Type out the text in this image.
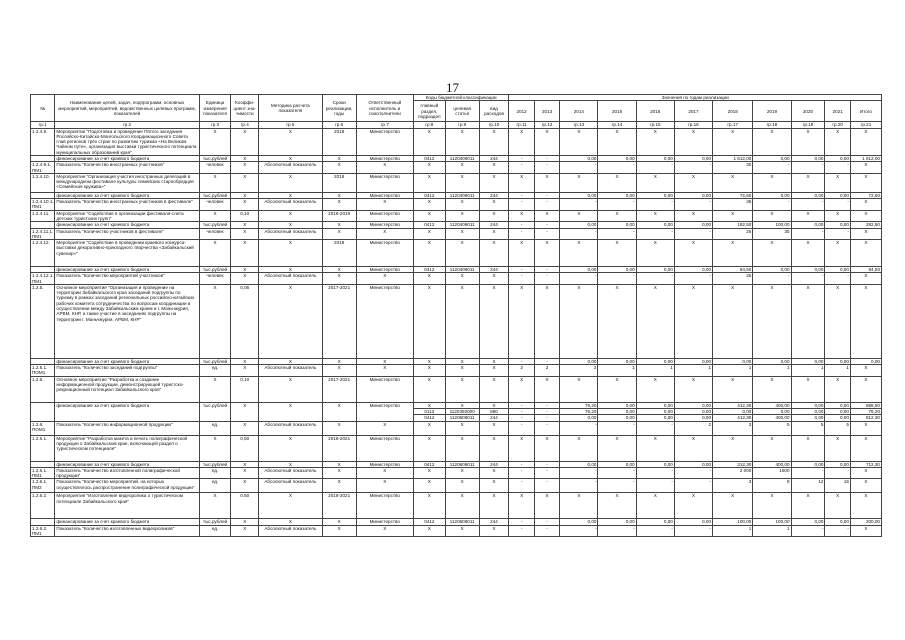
17
№	Наименование целей, задач, подпрограмм, основных мероприятий, мероприятий, ведомственных целевых программ, показателей	Единица измерения показателя	Коэффи-циент зна-чимости	Методика расчета показателя	Сроки реализации, годы	Ответственный исполнитель и соисполнители	Коды бюджетной классификации			Значения по годам реализации										
							главный раздел, подраздел	целевая статья	вид расходов	2012	2013	2014	2015	2016	2017	2018	2019	2020	2021	Итого
гр.1	гр.2	гр.3	гр.4	гр.5	гр.6	гр.7	гр.8	гр.9	гр.10	гр.11	гр.12	гр.13	гр.14	гр.15	гр.16	гр.17	гр.18	гр.19	гр.20	гр.21
1.2.4.9.	Мероприятие "Подготовка и проведение Пятого заседания Российско-Китайско-Монгольского Координационного Совета глав регионов трёх стран по развитию туризма «На Великом Чайном пути», организация выставки туристического потенциала муниципальных образований края"	X	X	X	2018	Министерство	X	X	X	X	X	X	X	X	X	X	X	X	X	X
	финансирование за счет краевого бюджета	тыс.рублей	X	X	X	Министерство	0412	1120409011	244	-	-	0,00	0,00	0,00	0,00	1 612,00	0,00	0,00	0,00	1 612,00
1.2.4.9.1. ПМ1	Показатель "Количество иностранных участников"	человек	X	Абсолютный показатель	X	X	X	X	X	-	-	-	-	-	-	30	-	-	-	X
1.2.4.10.	Мероприятие "Организация участия иностранных делегаций в международном фестивале культуры семейских старообрядцев «Семейская кружава»"	X	X	X	2018	Министерство	X	X	X	X	X	X	X	X	X	X	X	X	X	X
	финансирование за счет краевого бюджета	тыс.рублей	X	X	X	Министерство	0412	1120409011	244	-	-	0,00	0,00	0,00	0,00	72,60	0,00	0,00	0,00	72,60
1.2.4.10.1. ПМ1	Показатель "Количество иностранных участников в фестивале"	человек	X	Абсолютный показатель	X	X	X	X	X	-	-	-	-	-	-	36	-	-	-	X
1.2.4.11.	Мероприятие "Содействие в организации фестиваля-слета детских туристских групп"	X	0,10	X	2018-2019	Министерство	X	X	X	X	X	X	X	X	X	X	X	X	X	X
	финансирование за счет краевого бюджета	тыс.рублей	X	X	X	Министерство	0412	1120409011	244	-	-	0,00	0,00	0,00	0,00	182,50	100,00	0,00	0,00	282,50
1.2.4.11.1. ПМ1	Показатель "Количество участников в фестивале"	человек	X	Абсолютный показатель	X	X	X	X	X	-	-	-	-	-	-	25	35	-	-	X
1.2.4.12.	Мероприятие "Содействие в проведении краевого конкурса-выставки декоративно-прикладного творчества «Забайкальский сувенир»"	X	X	X	2018	Министерство	X	X	X	X	X	X	X	X	X	X	X	X	X	X
	финансирование за счет краевого бюджета	тыс.рублей	X	X	X	Министерство	0412	1120409011	244	-	-	0,00	0,00	0,00	0,00	84,50	0,00	0,00	0,00	84,50
1.2.4.12.1. ПМ1	Показатель "Количество мероприятий участников"	человек	X	Абсолютный показатель	X	X	X	X	X	-	-	-	-	-	-	25	-	-	-	X
1.2.5.	Основное мероприятие "Организация и проведение на территории Забайкальского края заседаний подгруппы по туризму в рамках заседаний региональных российско-китайских рабочих комитета сотрудничества по вопросам координации в осуществлении между Забайкальским краем и г. Маньчжурия, АРВМ, КНР, а также участие в заседаниях подгруппы на территории г. Маньчжурия, АРВМ, КНР"	X	0,05	X	2017-2021	Министерство	X	X	X	X	X	X	X	X	X	X	X	X	X	X
	финансирование за счет краевого бюджета	тыс.рублей	X	X	X	X	X	X	X	-	-	0,00	0,00	0,00	0,00	0,00	0,00	0,00	0,00	0,00
1.2.5.1. ПОМ1	Показатель "Количество заседаний подгруппы"	ед.	X	Абсолютный показатель	X	X	X	X	X	2	2	2	1	1	1	1	1	1	1	X
1.2.6.	Основное мероприятие "Разработка и создание информационной продукции, демонстрирующей туристско-рекреационный потенциал Забайкальского края"	X	0,10	X	2017-2021	Министерство	X	X	X	X	X	X	X	X	X	X	X	X	X	X
	финансирование за счет краевого бюджета	тыс.рублей	X	X	X	Министерство	X	X	X	-	-	76,20	0,00	0,00	0,00	412,30	400,00	0,00	0,00	888,50
							0113	1120392000	880	-	-	76,20	0,00	0,00	0,00	0,00	0,00	0,00	0,00	76,20
							0412	1120609011	244	-	-	0,00	0,00	0,00	0,00	412,30	400,00	0,00	0,00	812,30
1.2.6. ПОМ1	Показатель "Количество информационной продукции"	ед.	X	Абсолютный показатель	X	X	X	X	X	-	-	-	-	-	2	3	5	5	5	X
1.2.6.1.	Мероприятие "Разработка макета и печать полиграфической продукции о Забайкальском крае, включающей раздел о туристическом потенциале"	X	0,50	X	2018-2021	Министерство	X	X	X	X	X	X	X	X	X	X	X	X	X	X
	финансирование за счет краевого бюджета	тыс.рублей	X	X	X	Министерство	0412	1120609011	244	-	-	0,00	0,00	0,00	0,00	312,30	400,00	0,00	0,00	712,30
1.2.6.1. ПМ1	Показатель "Количество изготовленной полиграфической продукции"	ед.	X	Абсолютный показатель	X	X	X	X	X	-	-	-	-	-	-	2 000	1500	-	-	X
1.2.6.1. ПМ2	Показатель "Количество мероприятий, на которых осуществлялось распространение полиграфической продукции"	ед.	X	Абсолютный показатель	X	X	X	X	X	-	-	-	-	-	-	3	8	12	15	X
1.2.6.2.	Мероприятие "Изготовление видеоролика о туристическом потенциале Забайкальского края"	X	0,50	X	2018-2021	Министерство	X	X	X	X	X	X	X	X	X	X	X	X	X	X
	финансирование за счет краевого бюджета	тыс.рублей	X	X	X	Министерство	0412	1120609011	244	-	-	0,00	0,00	0,00	0,00	100,00	100,00	0,00	0,00	200,00
1.2.6.2. ПМ1	Показатель "Количество изготовленных видеороликов"	ед.	X	Абсолютный показатель	X	X	X	X	X	-	-	-	-	-	-	1	1	-	-	X
